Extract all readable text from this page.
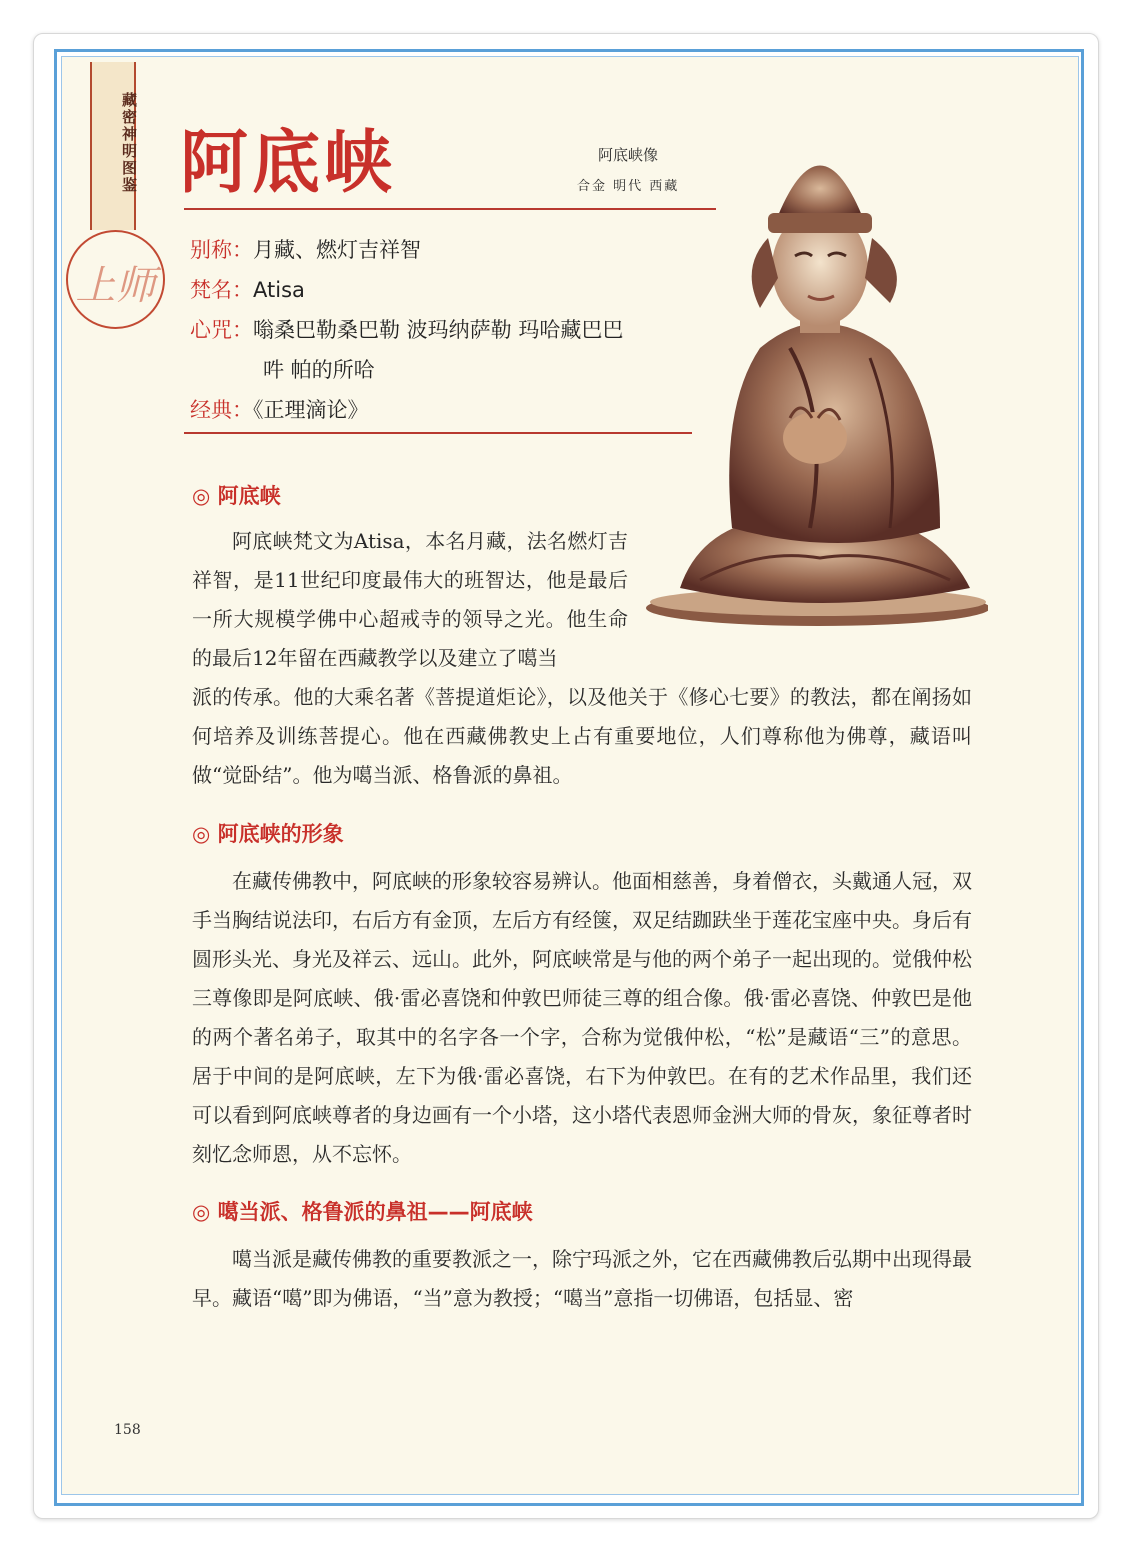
藏密神明图鉴
上师
阿底峡	阿底峡像
合金 明代 西藏
别称：月藏、燃灯吉祥智
梵名：Atisa
心咒：嗡桑巴勒桑巴勒 波玛纳萨勒 玛哈藏巴巴
吽 帕的所哈
经典：《正理滴论》
◎ 阿底峡
阿底峡梵文为Atisa，本名月藏，法名燃灯吉祥智，是11世纪印度最伟大的班智达，他是最后一所大规模学佛中心超戒寺的领导之光。他生命的最后12年留在西藏教学以及建立了噶当
◎ 阿底峡的形象
在藏传佛教中，阿底峡的形象较容易辨认。他面相慈善，身着僧衣，头戴通人冠，双手当胸结说法印，右后方有金顶，左后方有经箧，双足结跏趺坐于莲花宝座中央。身后有圆形头光、身光及祥云、远山。此外，阿底峡常是与他的两个弟子一起出现的。觉俄仲松三尊像即是阿底峡、俄·雷必喜饶和仲敦巴师徒三尊的组合像。俄·雷必喜饶、仲敦巴是他的两个著名弟子，取其中的名字各一个字，合称为觉俄仲松，“松”是藏语“三”的意思。居于中间的是阿底峡，左下为俄·雷必喜饶，右下为仲敦巴。在有的艺术作品里，我们还可以看到阿底峡尊者的身边画有一个小塔，这小塔代表恩师金洲大师的骨灰，象征尊者时刻忆念师恩，从不忘怀。
◎ 噶当派、格鲁派的鼻祖——阿底峡
噶当派是藏传佛教的重要教派之一，除宁玛派之外，它在西藏佛教后弘期中出现得最早。藏语“噶”即为佛语，“当”意为教授；“噶当”意指一切佛语，包括显、密
158
派的传承。他的大乘名著《菩提道炬论》，以及他关于《修心七要》的教法，都在阐扬如何培养及训练菩提心。他在西藏佛教史上占有重要地位，人们尊称他为佛尊，藏语叫做“觉卧结”。他为噶当派、格鲁派的鼻祖。
